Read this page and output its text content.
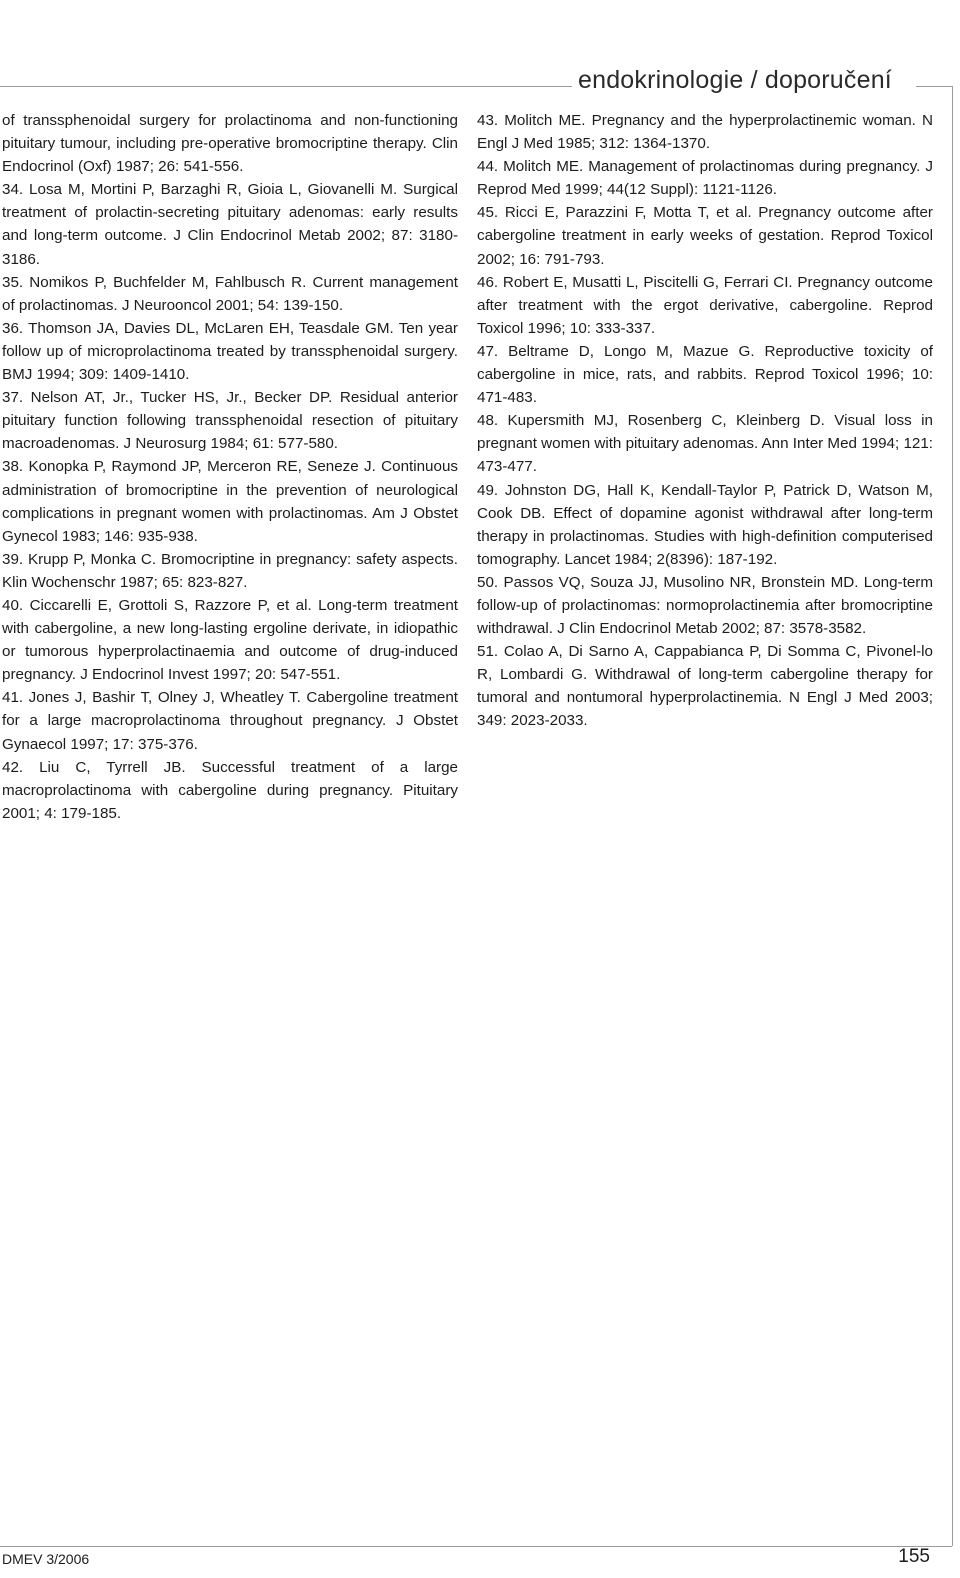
endokrinologie / doporučení

of transsphenoidal surgery for prolactinoma and non-functioning pituitary tumour, including pre-operative bromocriptine therapy. Clin Endocrinol (Oxf) 1987; 26: 541-556.

34. Losa M, Mortini P, Barzaghi R, Gioia L, Giovanelli M. Surgical treatment of prolactin-secreting pituitary adenomas: early results and long-term outcome. J Clin Endocrinol Metab 2002; 87: 3180-3186.

35. Nomikos P, Buchfelder M, Fahlbusch R. Current management of prolactinomas. J Neurooncol 2001; 54: 139-150.

36. Thomson JA, Davies DL, McLaren EH, Teasdale GM. Ten year follow up of microprolactinoma treated by transsphenoidal surgery. BMJ 1994; 309: 1409-1410.

37. Nelson AT, Jr., Tucker HS, Jr., Becker DP. Residual anterior pituitary function following transsphenoidal resection of pituitary macroadenomas. J Neurosurg 1984; 61: 577-580.

38. Konopka P, Raymond JP, Merceron RE, Seneze J. Continuous administration of bromocriptine in the prevention of neurological complications in pregnant women with prolactinomas. Am J Obstet Gynecol 1983; 146: 935-938.

39. Krupp P, Monka C. Bromocriptine in pregnancy: safety aspects. Klin Wochenschr 1987; 65: 823-827.

40. Ciccarelli E, Grottoli S, Razzore P, et al. Long-term treatment with cabergoline, a new long-lasting ergoline derivate, in idiopathic or tumorous hyperprolactinaemia and outcome of drug-induced pregnancy. J Endocrinol Invest 1997; 20: 547-551.

41. Jones J, Bashir T, Olney J, Wheatley T. Cabergoline treatment for a large macroprolactinoma throughout pregnancy. J Obstet Gynaecol 1997; 17: 375-376.

42. Liu C, Tyrrell JB. Successful treatment of a large macroprolactinoma with cabergoline during pregnancy. Pituitary 2001; 4: 179-185.

43. Molitch ME. Pregnancy and the hyperprolactinemic woman. N Engl J Med 1985; 312: 1364-1370.

44. Molitch ME. Management of prolactinomas during pregnancy. J Reprod Med 1999; 44(12 Suppl): 1121-1126.

45. Ricci E, Parazzini F, Motta T, et al. Pregnancy outcome after cabergoline treatment in early weeks of gestation. Reprod Toxicol 2002; 16: 791-793.

46. Robert E, Musatti L, Piscitelli G, Ferrari CI. Pregnancy outcome after treatment with the ergot derivative, cabergoline. Reprod Toxicol 1996; 10: 333-337.

47. Beltrame D, Longo M, Mazue G. Reproductive toxicity of cabergoline in mice, rats, and rabbits. Reprod Toxicol 1996; 10: 471-483.

48. Kupersmith MJ, Rosenberg C, Kleinberg D. Visual loss in pregnant women with pituitary adenomas. Ann Inter Med 1994; 121: 473-477.

49. Johnston DG, Hall K, Kendall-Taylor P, Patrick D, Watson M, Cook DB. Effect of dopamine agonist withdrawal after long-term therapy in prolactinomas. Studies with high-definition computerised tomography. Lancet 1984; 2(8396): 187-192.

50. Passos VQ, Souza JJ, Musolino NR, Bronstein MD. Long-term follow-up of prolactinomas: normoprolactinemia after bromocriptine withdrawal. J Clin Endocrinol Metab 2002; 87: 3578-3582.

51. Colao A, Di Sarno A, Cappabianca P, Di Somma C, Pivonel-lo R, Lombardi G. Withdrawal of long-term cabergoline therapy for tumoral and nontumoral hyperprolactinemia. N Engl J Med 2003; 349: 2023-2033.

DMEV 3/2006	155
